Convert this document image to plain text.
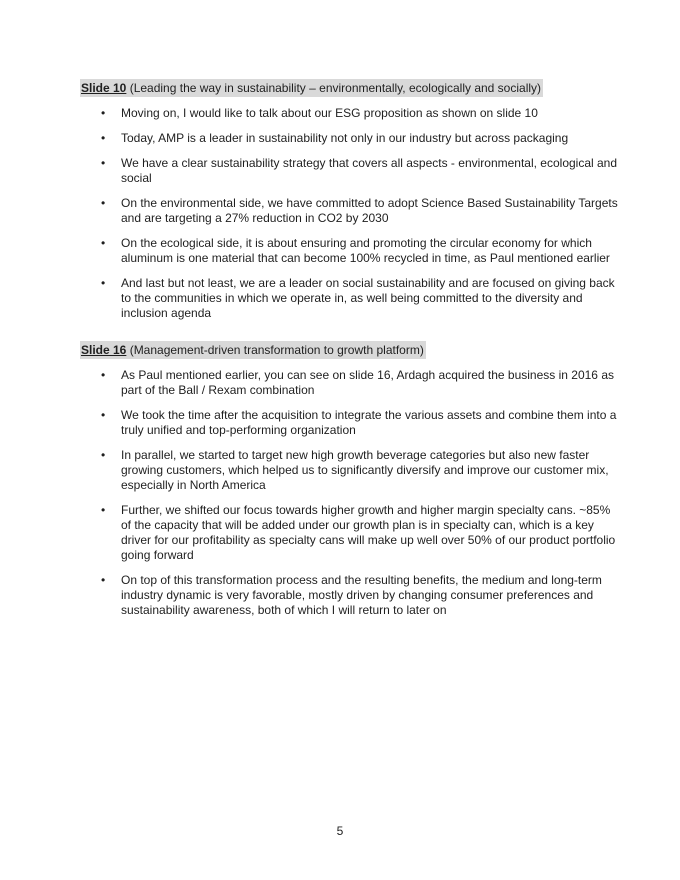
Slide 10 (Leading the way in sustainability – environmentally, ecologically and socially)
• Moving on, I would like to talk about our ESG proposition as shown on slide 10
• Today, AMP is a leader in sustainability not only in our industry but across packaging
• We have a clear sustainability strategy that covers all aspects - environmental, ecological and social
• On the environmental side, we have committed to adopt Science Based Sustainability Targets and are targeting a 27% reduction in CO2 by 2030
• On the ecological side, it is about ensuring and promoting the circular economy for which aluminum is one material that can become 100% recycled in time, as Paul mentioned earlier
• And last but not least, we are a leader on social sustainability and are focused on giving back to the communities in which we operate in, as well being committed to the diversity and inclusion agenda
Slide 16 (Management-driven transformation to growth platform)
• As Paul mentioned earlier, you can see on slide 16, Ardagh acquired the business in 2016 as part of the Ball / Rexam combination
• We took the time after the acquisition to integrate the various assets and combine them into a truly unified and top-performing organization
• In parallel, we started to target new high growth beverage categories but also new faster growing customers, which helped us to significantly diversify and improve our customer mix, especially in North America
• Further, we shifted our focus towards higher growth and higher margin specialty cans. ~85% of the capacity that will be added under our growth plan is in specialty can, which is a key driver for our profitability as specialty cans will make up well over 50% of our product portfolio going forward
• On top of this transformation process and the resulting benefits, the medium and long-term industry dynamic is very favorable, mostly driven by changing consumer preferences and sustainability awareness, both of which I will return to later on
5
